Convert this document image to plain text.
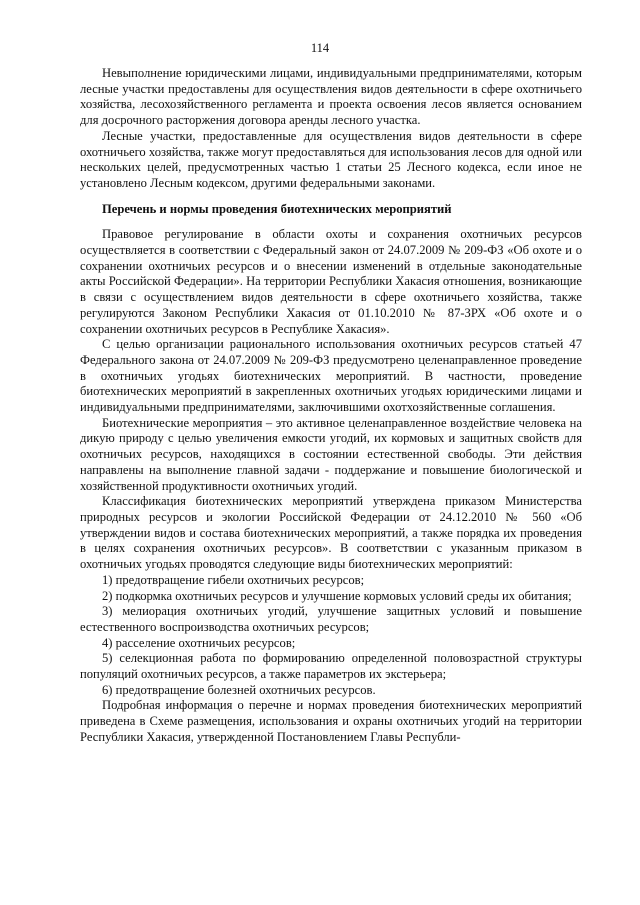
114

Невыполнение юридическими лицами, индивидуальными предпринимателями, которым лесные участки предоставлены для осуществления видов деятельности в сфере охотничьего хозяйства, лесохозяйственного регламента и проекта освоения лесов является основанием для досрочного расторжения договора аренды лесного участка.

Лесные участки, предоставленные для осуществления видов деятельности в сфере охотничьего хозяйства, также могут предоставляться для использования лесов для одной или нескольких целей, предусмотренных частью 1 статьи 25 Лесного кодекса, если иное не установлено Лесным кодексом, другими федеральными законами.

Перечень и нормы проведения биотехнических мероприятий

Правовое регулирование в области охоты и сохранения охотничьих ресурсов осуществляется в соответствии с Федеральный закон от 24.07.2009 № 209-ФЗ «Об охоте и о сохранении охотничьих ресурсов и о внесении изменений в отдельные законодательные акты Российской Федерации». На территории Республики Хакасия отношения, возникающие в связи с осуществлением видов деятельности в сфере охотничьего хозяйства, также регулируются Законом Республики Хакасия от 01.10.2010 № 87-ЗРХ «Об охоте и о сохранении охотничьих ресурсов в Республике Хакасия».

С целью организации рационального использования охотничьих ресурсов статьей 47 Федерального закона от 24.07.2009 № 209-ФЗ предусмотрено целенаправленное проведение в охотничьих угодьях биотехнических мероприятий. В частности, проведение биотехнических мероприятий в закрепленных охотничьих угодьях юридическими лицами и индивидуальными предпринимателями, заключившими охотхозяйственные соглашения.

Биотехнические мероприятия – это активное целенаправленное воздействие человека на дикую природу с целью увеличения емкости угодий, их кормовых и защитных свойств для охотничьих ресурсов, находящихся в состоянии естественной свободы. Эти действия направлены на выполнение главной задачи - поддержание и повышение биологической и хозяйственной продуктивности охотничьих угодий.

Классификация биотехнических мероприятий утверждена приказом Министерства природных ресурсов и экологии Российской Федерации от 24.12.2010 № 560 «Об утверждении видов и состава биотехнических мероприятий, а также порядка их проведения в целях сохранения охотничьих ресурсов». В соответствии с указанным приказом в охотничьих угодьях проводятся следующие виды биотехнических мероприятий:

1) предотвращение гибели охотничьих ресурсов;

2) подкормка охотничьих ресурсов и улучшение кормовых условий среды их обитания;

3) мелиорация охотничьих угодий, улучшение защитных условий и повышение естественного воспроизводства охотничьих ресурсов;

4) расселение охотничьих ресурсов;

5) селекционная работа по формированию определенной половозрастной структуры популяций охотничьих ресурсов, а также параметров их экстерьера;

6) предотвращение болезней охотничьих ресурсов.

Подробная информация о перечне и нормах проведения биотехнических мероприятий приведена в Схеме размещения, использования и охраны охотничьих угодий на территории Республики Хакасия, утвержденной Постановлением Главы Республи-
